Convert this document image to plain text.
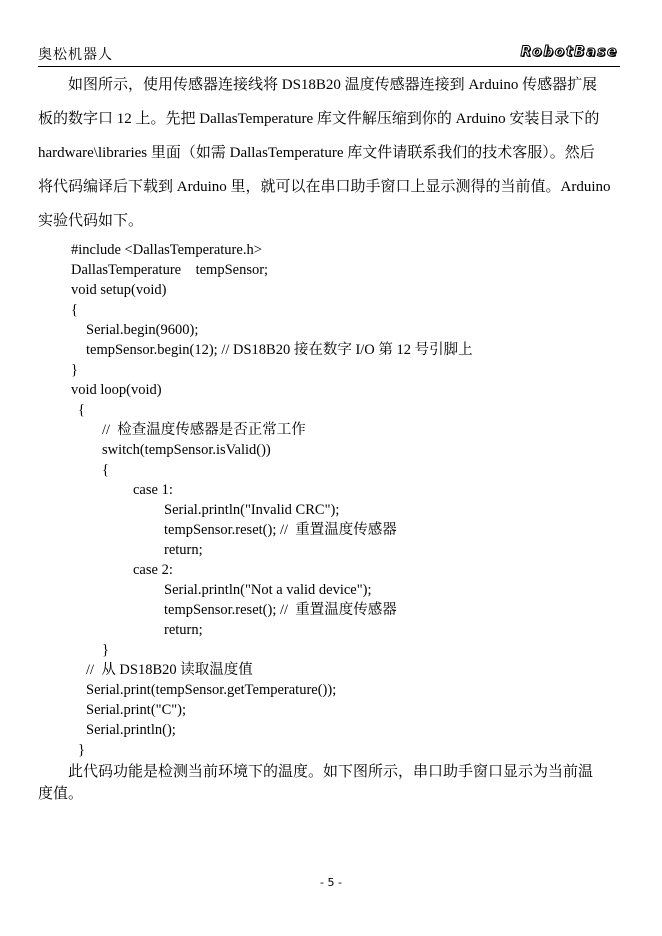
奥松机器人	RobotBase
　　如图所示，使用传感器连接线将 DS18B20 温度传感器连接到 Arduino 传感器扩展
板的数字口 12 上。先把 DallasTemperature 库文件解压缩到你的 Arduino 安装目录下的
hardware\libraries 里面（如需 DallasTemperature 库文件请联系我们的技术客服）。然后
将代码编译后下载到 Arduino 里，就可以在串口助手窗口上显示测得的当前值。Arduino
实验代码如下。
#include <DallasTemperature.h>
DallasTemperature    tempSensor;
void setup(void)
{
Serial.begin(9600);
tempSensor.begin(12); // DS18B20 接在数字 I/O 第 12 号引脚上
}
void loop(void)
{
//  检查温度传感器是否正常工作
switch(tempSensor.isValid())
{
case 1:
Serial.println("Invalid CRC");
tempSensor.reset(); //  重置温度传感器
return;
case 2:
Serial.println("Not a valid device");
tempSensor.reset(); //  重置温度传感器
return;
}
//  从 DS18B20 读取温度值
Serial.print(tempSensor.getTemperature());
Serial.print("C");
Serial.println();
}
　　此代码功能是检测当前环境下的温度。如下图所示，串口助手窗口显示为当前温
度值。
- 5 -
